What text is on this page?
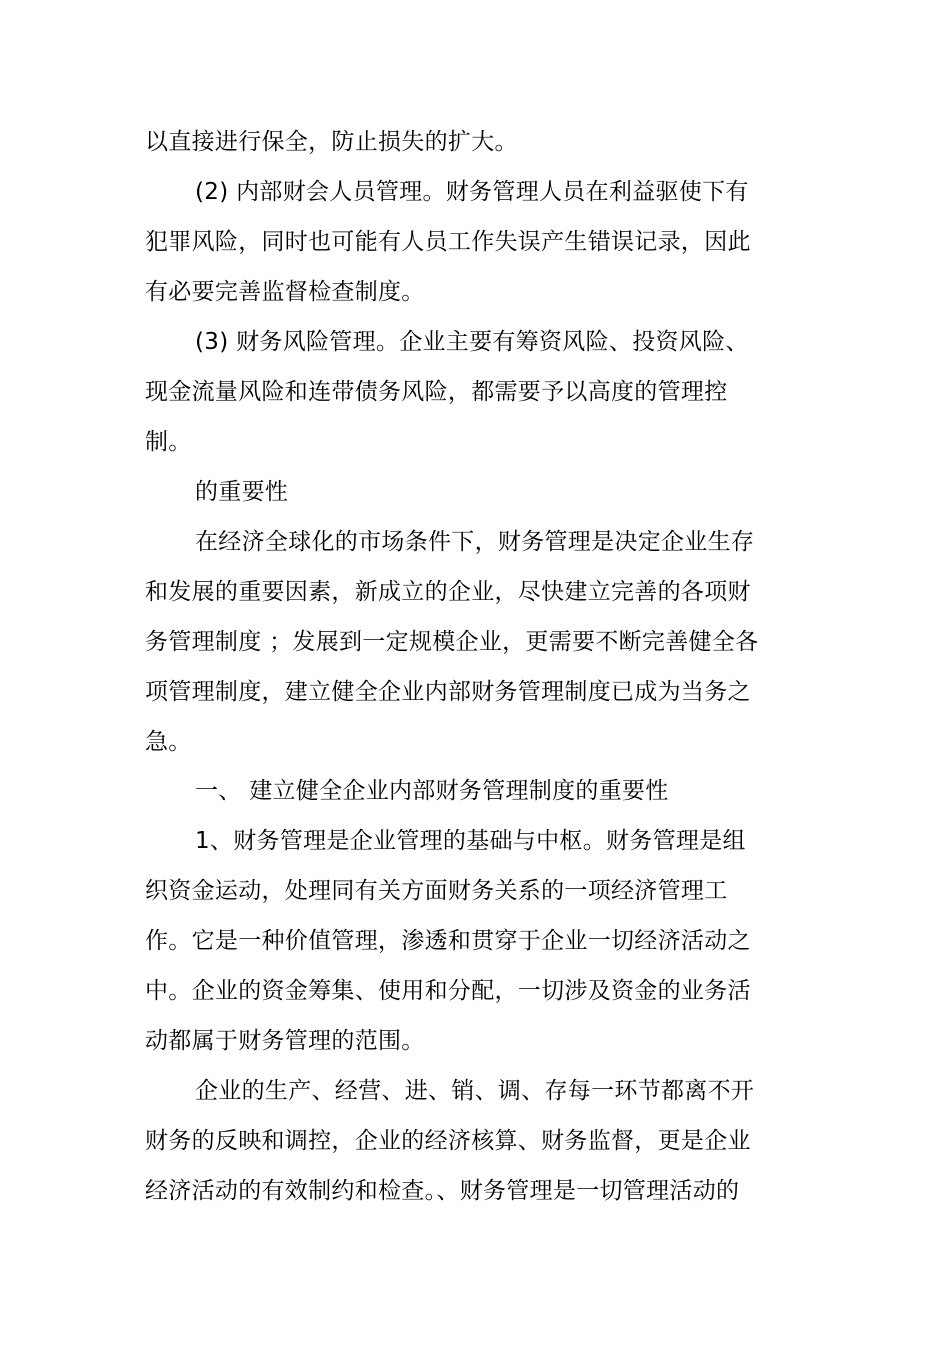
以直接进行保全，防止损失的扩大。
(2) 内部财会人员管理。财务管理人员在利益驱使下有
犯罪风险，同时也可能有人员工作失误产生错误记录，因此
有必要完善监督检查制度。
(3) 财务风险管理。企业主要有筹资风险、投资风险、
现金流量风险和连带债务风险，都需要予以高度的管理控
制。
的重要性
在经济全球化的市场条件下，财务管理是决定企业生存
和发展的重要因素，新成立的企业，尽快建立完善的各项财
务管理制度 ；发展到一定规模企业，更需要不断完善健全各
项管理制度，建立健全企业内部财务管理制度已成为当务之
急。
一、 建立健全企业内部财务管理制度的重要性
1、财务管理是企业管理的基础与中枢。财务管理是组
织资金运动，处理同有关方面财务关系的一项经济管理工
作。它是一种价值管理，渗透和贯穿于企业一切经济活动之
中。企业的资金筹集、使用和分配，一切涉及资金的业务活
动都属于财务管理的范围。
企业的生产、经营、进、销、调、存每一环节都离不开
财务的反映和调控，企业的经济核算、财务监督，更是企业
经济活动的有效制约和检查。、财务管理是一切管理活动的
